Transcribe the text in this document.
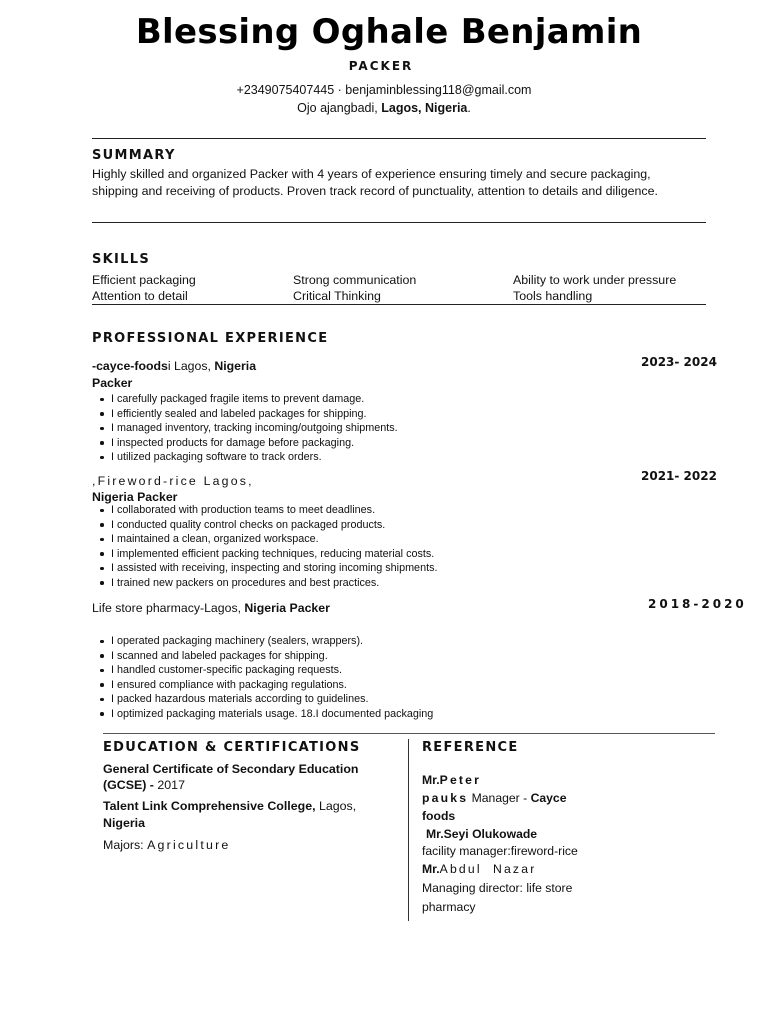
Blessing Oghale Benjamin
PACKER
+2349075407445 · benjaminblessing118@gmail.com
Ojo ajangbadi, Lagos, Nigeria.
SUMMARY
Highly skilled and organized Packer with 4 years of experience ensuring timely and secure packaging,
shipping and receiving of products. Proven track record of punctuality, attention to details and diligence.
SKILLS
Efficient packaging	Strong communication	Ability to work under pressure
Attention to detail	Critical Thinking	Tools handling
PROFESSIONAL EXPERIENCE
-cayce-foodsi Lagos, Nigeria
Packer
2023- 2024
I carefully packaged fragile items to prevent damage.
I efficiently sealed and labeled packages for shipping.
I managed inventory, tracking incoming/outgoing shipments.
I inspected products for damage before packaging.
I utilized packaging software to track orders.
,Fireword-rice Lagos,
Nigeria Packer
2021- 2022
I collaborated with production teams to meet deadlines.
I conducted quality control checks on packaged products.
I maintained a clean, organized workspace.
I implemented efficient packing techniques, reducing material costs.
I assisted with receiving, inspecting and storing incoming shipments.
I trained new packers on procedures and best practices.
Life store pharmacy-Lagos, Nigeria Packer	2018-2020
I operated packaging machinery (sealers, wrappers).
I scanned and labeled packages for shipping.
I handled customer-specific packaging requests.
I ensured compliance with packaging regulations.
I packed hazardous materials according to guidelines.
I optimized packaging materials usage. 18.I documented packaging
EDUCATION & CERTIFICATIONS
General Certificate of Secondary Education
(GCSE) - 2017
Talent Link Comprehensive College, Lagos,
Nigeria
Majors: Agriculture
REFERENCE
Mr.Peter
pauks Manager - Cayce
foods
Mr.Seyi Olukowade
facility manager:fireword-rice
Mr.Abdul  Nazar
Managing director: life store
pharmacy
